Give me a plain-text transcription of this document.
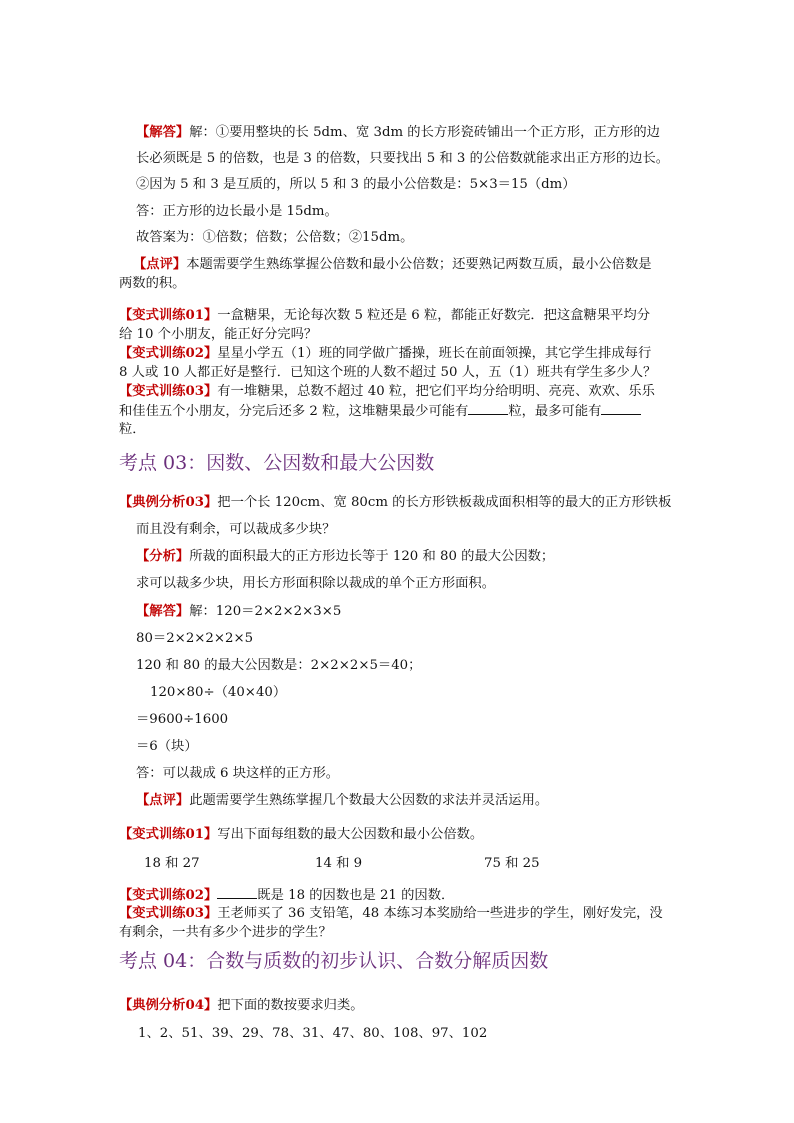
【解答】解：①要用整块的长 5dm、宽 3dm 的长方形瓷砖铺出一个正方形，正方形的边
长必须既是 5 的倍数，也是 3 的倍数，只要找出 5 和 3 的公倍数就能求出正方形的边长。
②因为 5 和 3 是互质的，所以 5 和 3 的最小公倍数是：5×3＝15（dm）
答：正方形的边长最小是 15dm。
故答案为：①倍数；倍数；公倍数；②15dm。
【点评】本题需要学生熟练掌握公倍数和最小公倍数；还要熟记两数互质，最小公倍数是
两数的积。
【变式训练01】一盒糖果，无论每次数 5 粒还是 6 粒，都能正好数完．把这盒糖果平均分
给 10 个小朋友，能正好分完吗？
【变式训练02】星星小学五（1）班的同学做广播操，班长在前面领操，其它学生排成每行
8 人或 10 人都正好是整行．已知这个班的人数不超过 50 人，五（1）班共有学生多少人？
【变式训练03】有一堆糖果，总数不超过 40 粒，把它们平均分给明明、亮亮、欢欢、乐乐
和佳佳五个小朋友，分完后还多 2 粒，这堆糖果最少可能有	粒，最多可能有
粒．
考点 03：因数、公因数和最大公因数
【典例分析03】把一个长 120cm、宽 80cm 的长方形铁板裁成面积相等的最大的正方形铁板
而且没有剩余，可以裁成多少块？
【分析】所裁的面积最大的正方形边长等于 120 和 80 的最大公因数；
求可以裁多少块，用长方形面积除以裁成的单个正方形面积。
【解答】解：120＝2×2×2×3×5
80＝2×2×2×2×5
120 和 80 的最大公因数是：2×2×2×5＝40；
120×80÷（40×40）
＝9600÷1600
＝6（块）
答：可以裁成 6 块这样的正方形。
【点评】此题需要学生熟练掌握几个数最大公因数的求法并灵活运用。
【变式训练01】写出下面每组数的最大公因数和最小公倍数。
18 和 27	14 和 9	75 和 25
【变式训练02】	既是 18 的因数也是 21 的因数．
【变式训练03】王老师买了 36 支铅笔，48 本练习本奖励给一些进步的学生，刚好发完，没
有剩余，一共有多少个进步的学生？
考点 04：合数与质数的初步认识、合数分解质因数
【典例分析04】把下面的数按要求归类。
1、2、51、39、29、78、31、47、80、108、97、102
